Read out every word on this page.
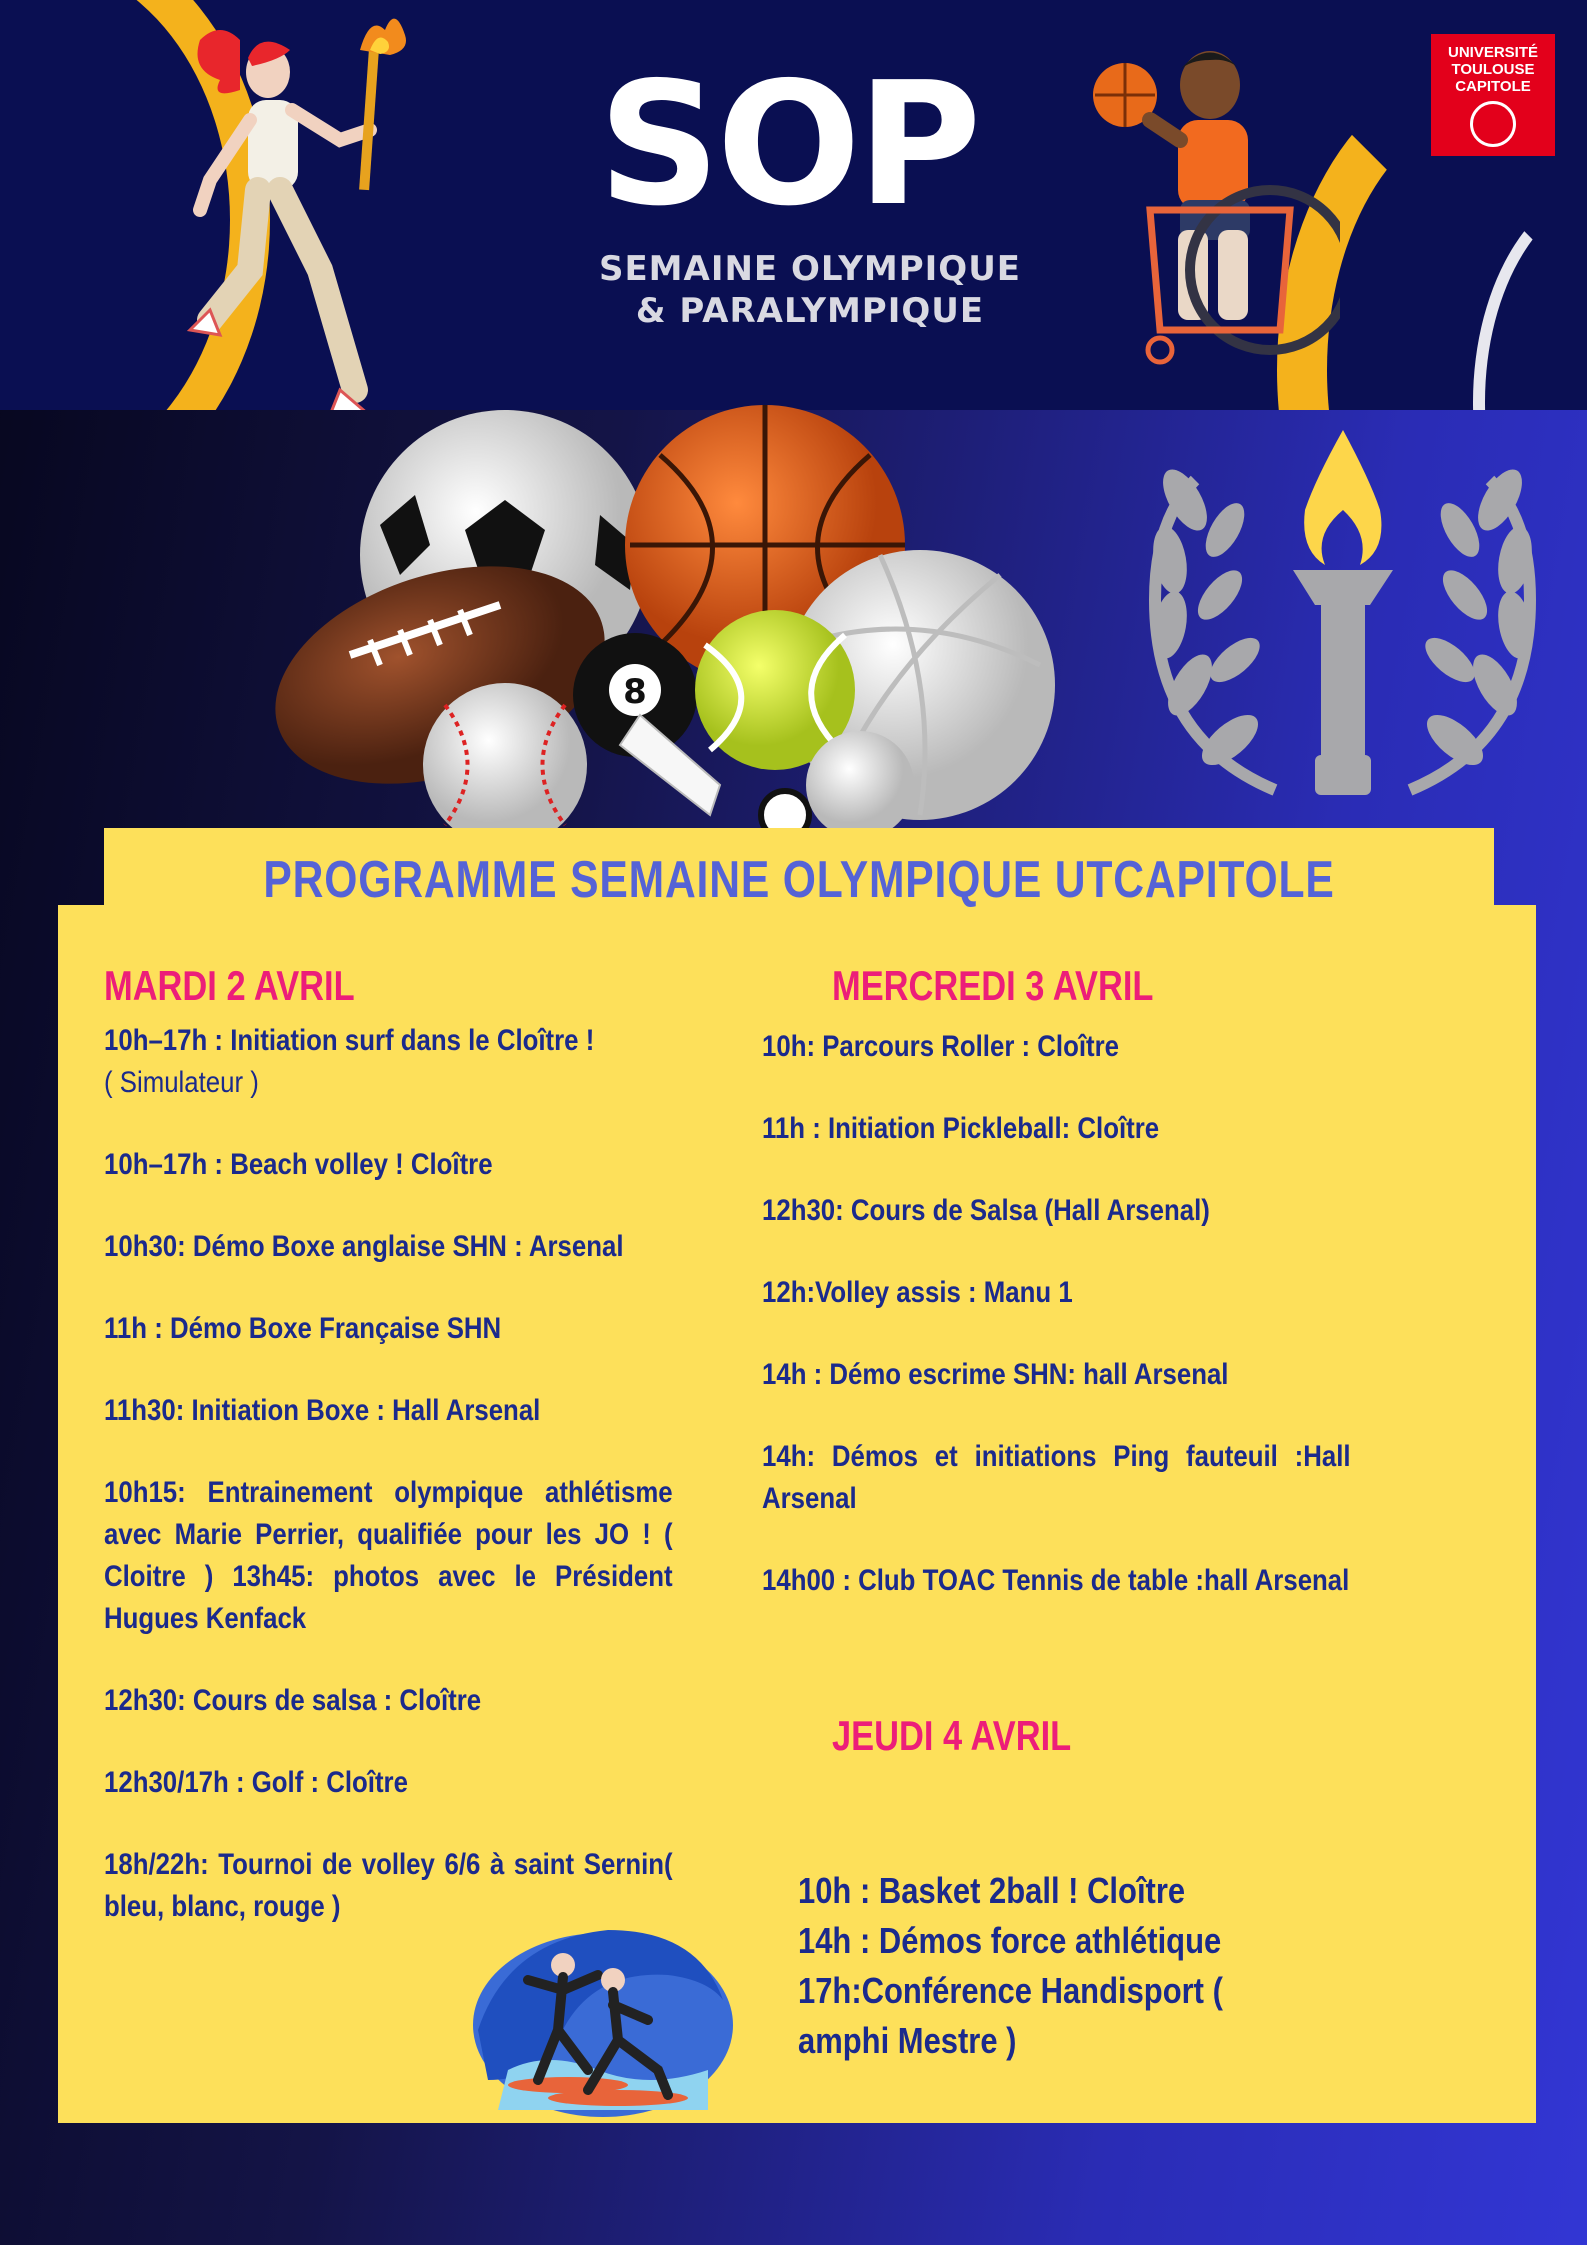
SOP
SEMAINE OLYMPIQUE
& PARALYMPIQUE
UNIVERSITÉ
TOULOUSE
CAPITOLE
8
PROGRAMME SEMAINE OLYMPIQUE UTCAPITOLE
MARDI 2 AVRIL
10h–17h : Initiation surf dans le Cloître !
( Simulateur )
10h–17h : Beach volley ! Cloître
10h30: Démo Boxe anglaise SHN : Arsenal
11h : Démo Boxe Française SHN
11h30: Initiation Boxe : Hall Arsenal
10h15: Entrainement olympique athlétisme avec Marie Perrier, qualifiée pour les JO ! ( Cloitre ) 13h45: photos avec le Président Hugues Kenfack
12h30: Cours de salsa : Cloître
12h30/17h : Golf : Cloître
18h/22h: Tournoi de volley 6/6 à saint Sernin( bleu, blanc, rouge )
MERCREDI 3 AVRIL
10h: Parcours Roller : Cloître
11h : Initiation Pickleball: Cloître
12h30: Cours de Salsa (Hall Arsenal)
12h:Volley assis : Manu 1
14h : Démo escrime SHN: hall Arsenal
14h: Démos et initiations Ping fauteuil :Hall Arsenal
14h00 : Club TOAC Tennis de table :hall Arsenal
JEUDI 4 AVRIL
10h : Basket 2ball ! Cloître
14h : Démos force athlétique
17h:Conférence Handisport ( amphi Mestre )
